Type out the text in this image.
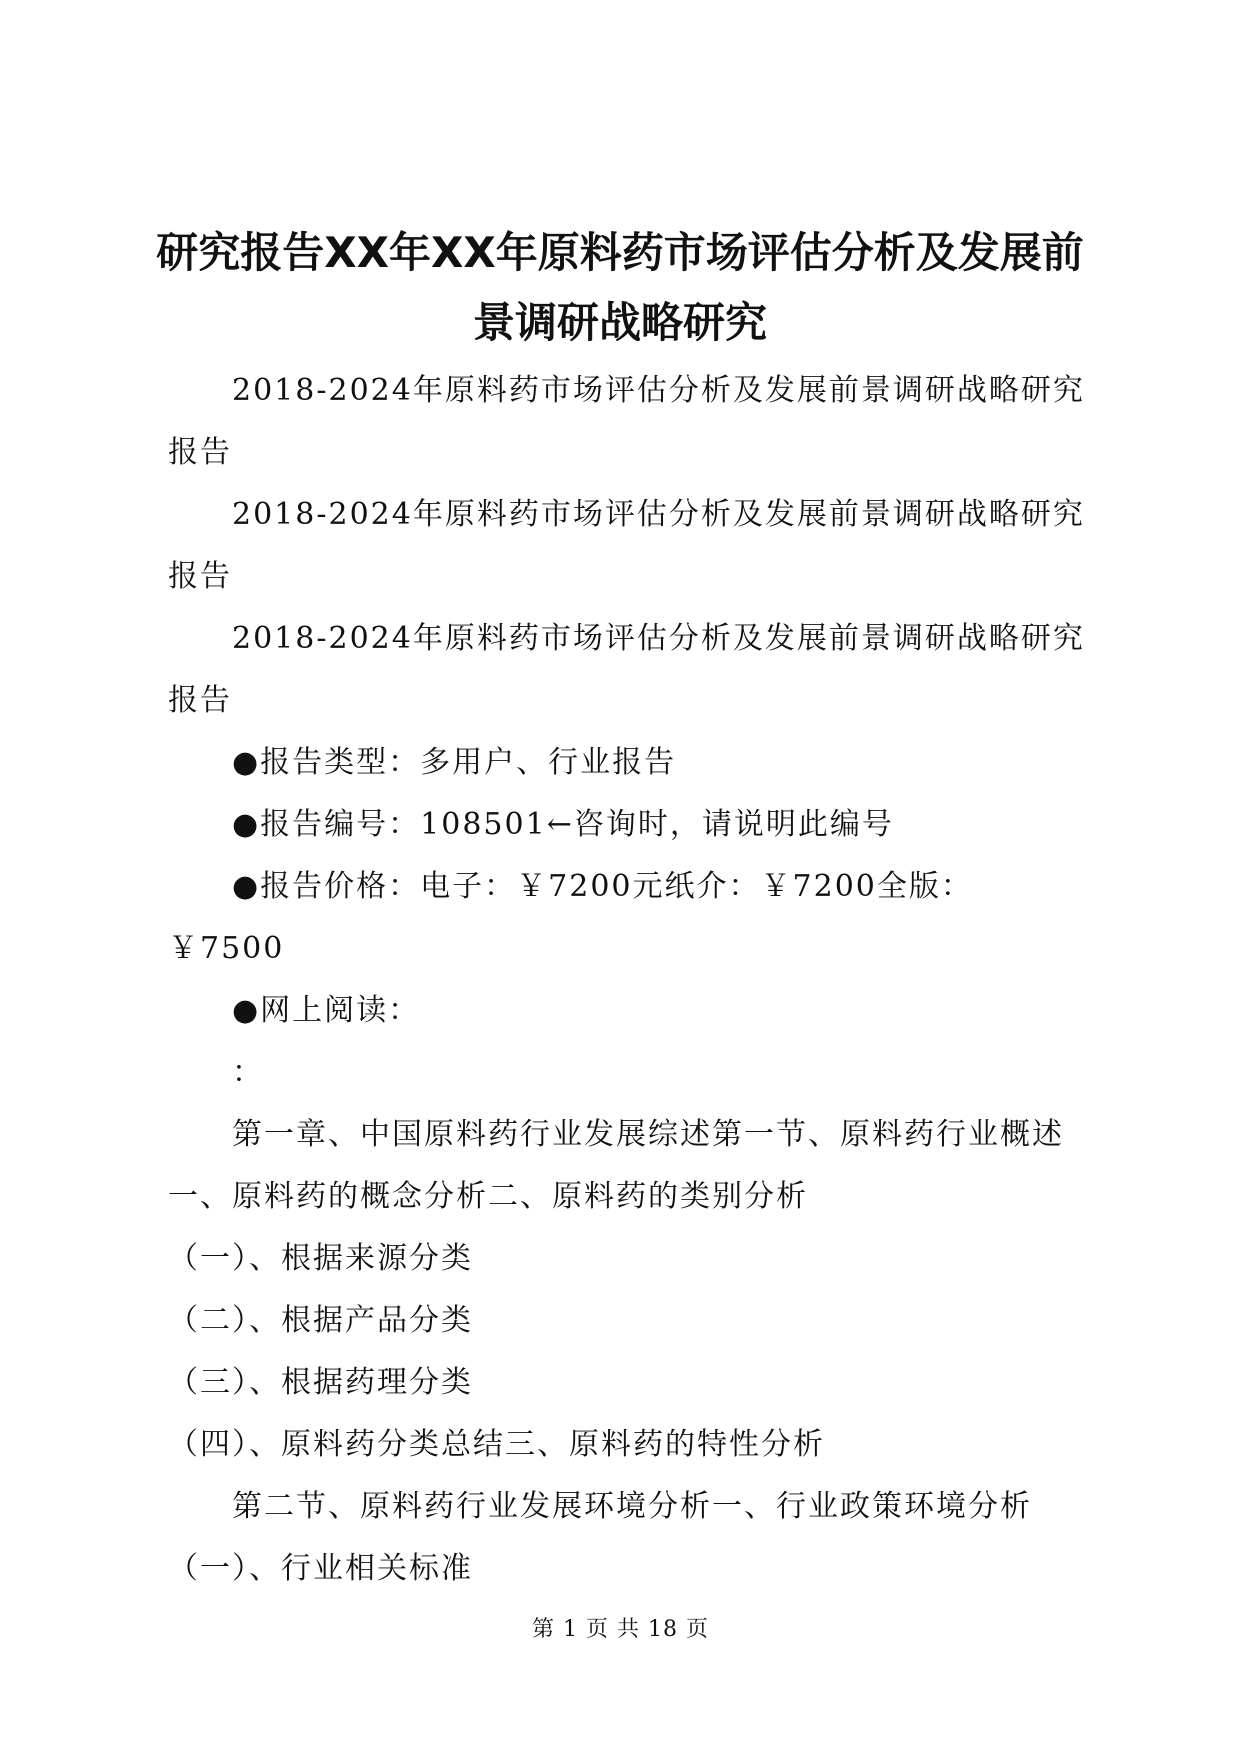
研究报告XX年XX年原料药市场评估分析及发展前景调研战略研究

2018-2024年原料药市场评估分析及发展前景调研战略研究报告

2018-2024年原料药市场评估分析及发展前景调研战略研究报告

2018-2024年原料药市场评估分析及发展前景调研战略研究报告

●报告类型：多用户、行业报告

●报告编号：108501←咨询时，请说明此编号

●报告价格：电子：￥7200元纸介：￥7200全版：￥7500

●网上阅读：

：

第一章、中国原料药行业发展综述第一节、原料药行业概述一、原料药的概念分析二、原料药的类别分析

（一）、根据来源分类

（二）、根据产品分类

（三）、根据药理分类

（四）、原料药分类总结三、原料药的特性分析

第二节、原料药行业发展环境分析一、行业政策环境分析

（一）、行业相关标准

第 1 页 共 18 页
